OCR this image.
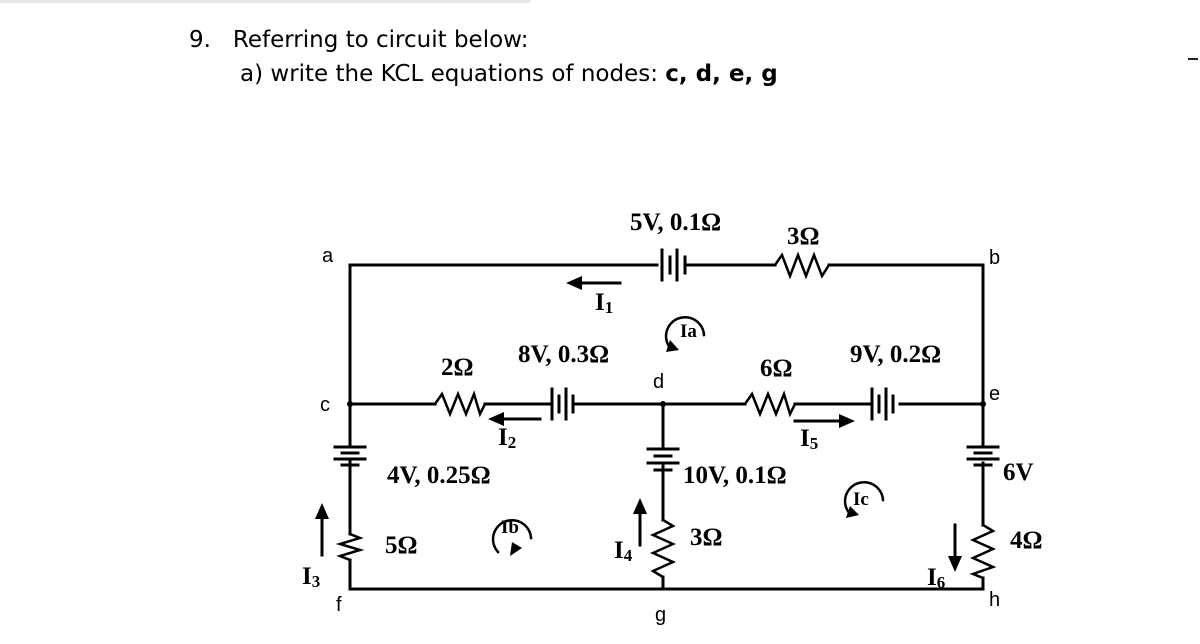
9. Referring to circuit below:
a) write the KCL equations of nodes: c, d, e, g
5V, 0.1Ω
3Ω
2Ω 8V, 0.3Ω
6Ω
9V, 0.2Ω
4V, 0.25Ω	10V, 0.1Ω	6V
5Ω	3Ω	4Ω
I1
I2	I5
I3
I4
I6
Ia
Ib
Ic
a	b
c
d
e
f	g
h
